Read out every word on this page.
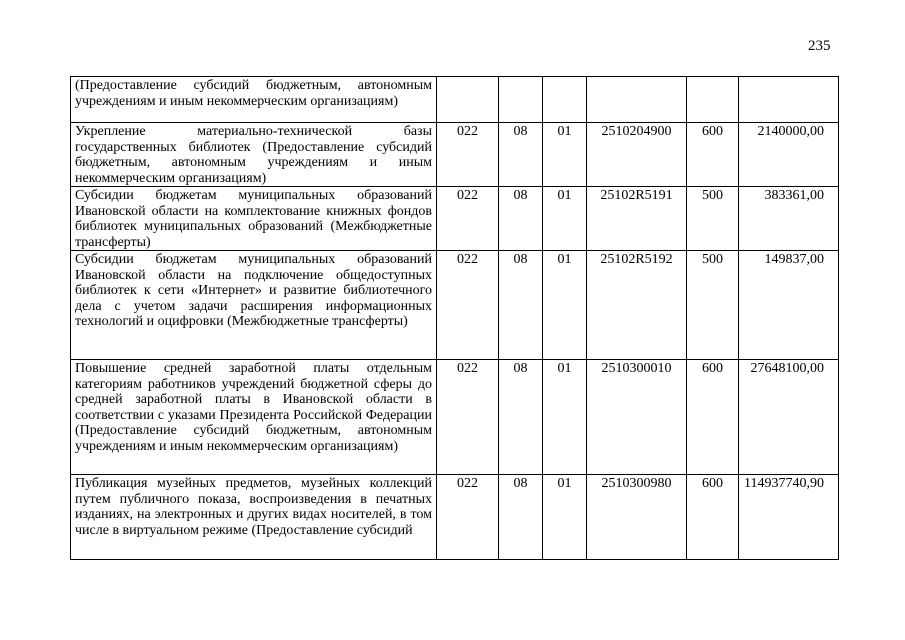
235
(Предоставление субсидий бюджетным, автономным учреждениям и иным некоммерческим организациям)						
Укрепление материально-технической базы государственных библиотек (Предоставление субсидий бюджетным, автономным учреждениям и иным некоммерческим организациям)	022	08	01	2510204900	600	2140000,00
Субсидии бюджетам муниципальных образований Ивановской области на комплектование книжных фондов библиотек муниципальных образований (Межбюджетные трансферты)	022	08	01	25102R5191	500	383361,00
Субсидии бюджетам муниципальных образований Ивановской области на подключение общедоступных библиотек к сети «Интернет» и развитие библиотечного дела с учетом задачи расширения информационных технологий и оцифровки (Межбюджетные трансферты)	022	08	01	25102R5192	500	149837,00
Повышение средней заработной платы отдельным категориям работников учреждений бюджетной сферы до средней заработной платы в Ивановской области в соответствии с указами Президента Российской Федерации (Предоставление субсидий бюджетным, автономным учреждениям и иным некоммерческим организациям)	022	08	01	2510300010	600	27648100,00
Публикация музейных предметов, музейных коллекций путем публичного показа, воспроизведения в печатных изданиях, на электронных и других видах носителей, в том числе в виртуальном режиме (Предоставление субсидий	022	08	01	2510300980	600	114937740,90
